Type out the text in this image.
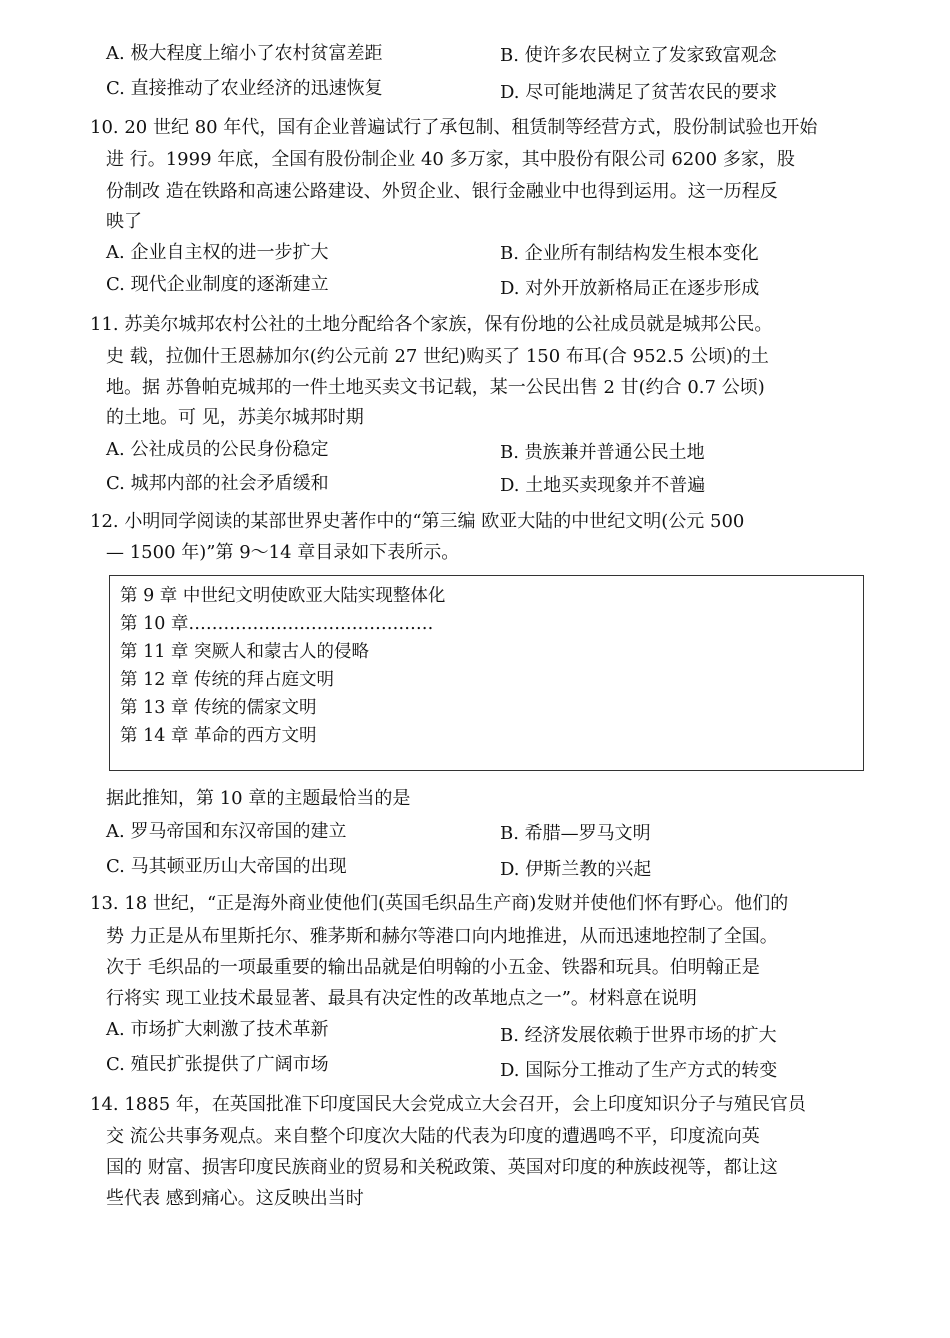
A. 极大程度上缩小了农村贫富差距	B. 使许多农民树立了发家致富观念
C. 直接推动了农业经济的迅速恢复	D. 尽可能地满足了贫苦农民的要求
10. 20 世纪 80 年代，国有企业普遍试行了承包制、租赁制等经营方式，股份制试验也开始
进 行。1999 年底，全国有股份制企业 40 多万家，其中股份有限公司 6200 多家，股
份制改 造在铁路和高速公路建设、外贸企业、银行金融业中也得到运用。这一历程反
映了
A. 企业自主权的进一步扩大	B. 企业所有制结构发生根本变化
C. 现代企业制度的逐渐建立	D. 对外开放新格局正在逐步形成
11. 苏美尔城邦农村公社的土地分配给各个家族，保有份地的公社成员就是城邦公民。
史 载，拉伽什王恩赫加尔(约公元前 27 世纪)购买了 150 布耳(合 952.5 公顷)的土
地。据 苏鲁帕克城邦的一件土地买卖文书记载，某一公民出售 2 甘(约合 0.7 公顷)
的土地。可 见，苏美尔城邦时期
A. 公社成员的公民身份稳定	B. 贵族兼并普通公民土地
C. 城邦内部的社会矛盾缓和	D. 土地买卖现象并不普遍
12. 小明同学阅读的某部世界史著作中的“第三编 欧亚大陆的中世纪文明(公元 500
— 1500 年)”第 9～14 章目录如下表所示。
第 9 章 中世纪文明使欧亚大陆实现整体化
第 10 章……………………………………
第 11 章 突厥人和蒙古人的侵略
第 12 章 传统的拜占庭文明
第 13 章 传统的儒家文明
第 14 章 革命的西方文明
据此推知，第 10 章的主题最恰当的是
A. 罗马帝国和东汉帝国的建立	B. 希腊—罗马文明
C. 马其顿亚历山大帝国的出现	D. 伊斯兰教的兴起
13. 18 世纪，“正是海外商业使他们(英国毛织品生产商)发财并使他们怀有野心。他们的
势 力正是从布里斯托尔、雅茅斯和赫尔等港口向内地推进，从而迅速地控制了全国。
次于 毛织品的一项最重要的输出品就是伯明翰的小五金、铁器和玩具。伯明翰正是
行将实 现工业技术最显著、最具有决定性的改革地点之一”。材料意在说明
A. 市场扩大刺激了技术革新	B. 经济发展依赖于世界市场的扩大
C. 殖民扩张提供了广阔市场	D. 国际分工推动了生产方式的转变
14. 1885 年，在英国批准下印度国民大会党成立大会召开，会上印度知识分子与殖民官员
交 流公共事务观点。来自整个印度次大陆的代表为印度的遭遇鸣不平，印度流向英
国的 财富、损害印度民族商业的贸易和关税政策、英国对印度的种族歧视等，都让这
些代表 感到痛心。这反映出当时
